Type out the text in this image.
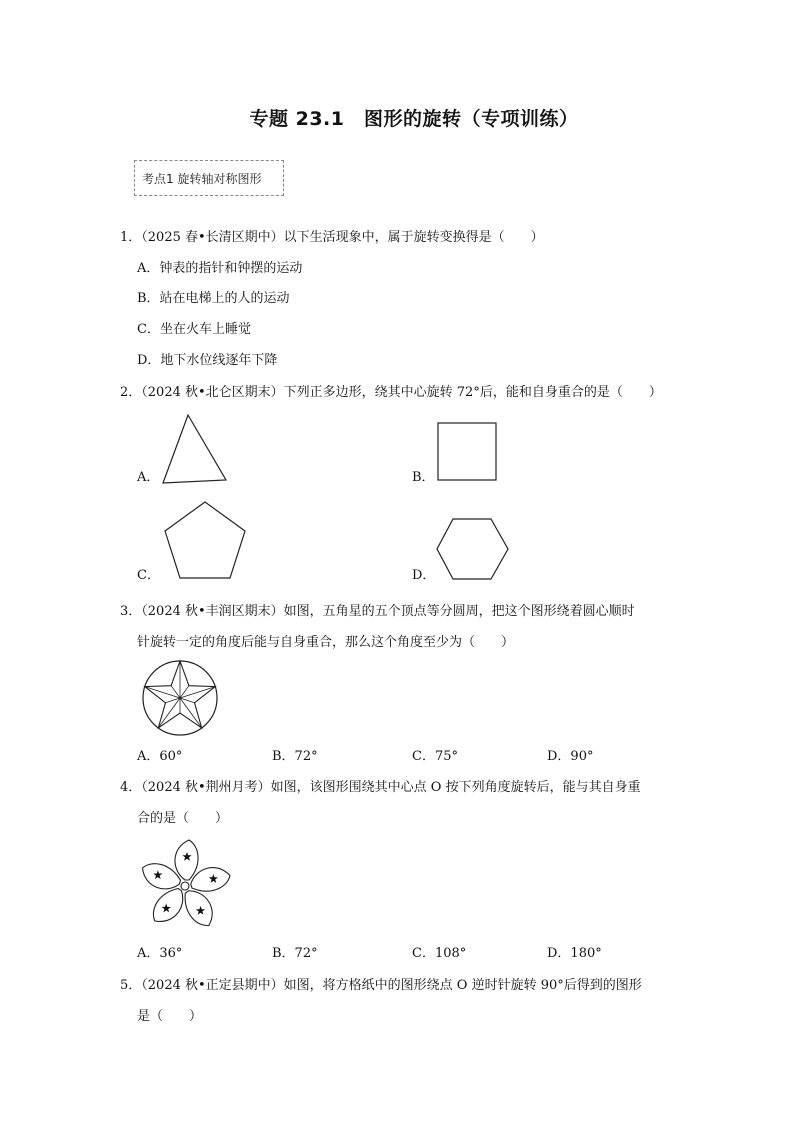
专题 23.1　图形的旋转（专项训练）
考点1 旋转轴对称图形
1．（2025 春•长清区期中）以下生活现象中，属于旋转变换得是（　　）
A．钟表的指针和钟摆的运动
B．站在电梯上的人的运动
C．坐在火车上睡觉
D．地下水位线逐年下降
2．（2024 秋•北仑区期末）下列正多边形，绕其中心旋转 72°后，能和自身重合的是（　　）
A．	B．
C．	D．
3．（2024 秋•丰润区期末）如图，五角星的五个顶点等分圆周，把这个图形绕着圆心顺时
针旋转一定的角度后能与自身重合，那么这个角度至少为（　　）
A．60°	B．72°	C．75°	D．90°
4．（2024 秋•荆州月考）如图，该图形围绕其中心点 O 按下列角度旋转后，能与其自身重
合的是（　　）
A．36°	B．72°	C．108°	D．180°
5．（2024 秋•正定县期中）如图，将方格纸中的图形绕点 O 逆时针旋转 90°后得到的图形
是（　　）
